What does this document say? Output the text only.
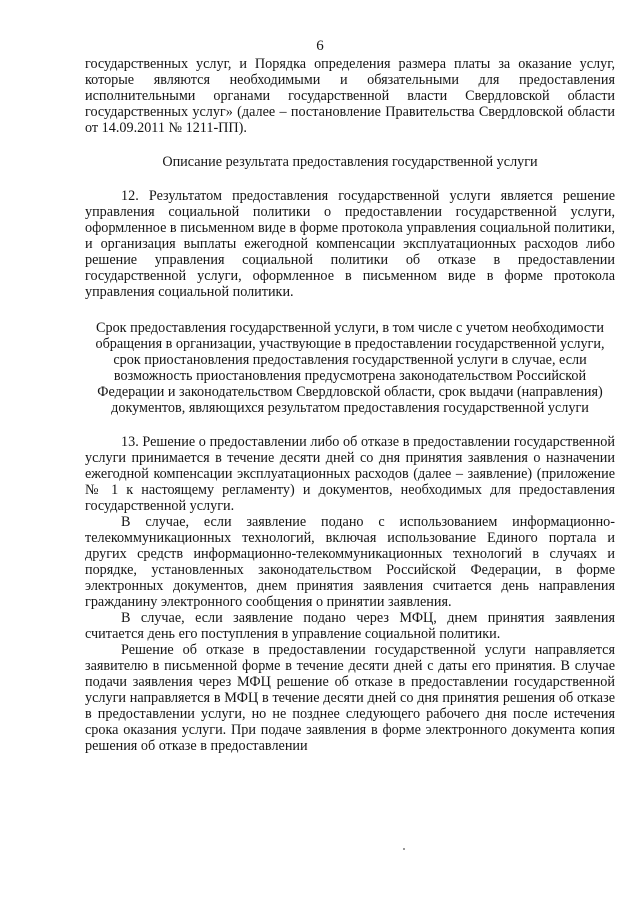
6

государственных услуг, и Порядка определения размера платы за оказание услуг, которые являются необходимыми и обязательными для предоставления исполнительными органами государственной власти Свердловской области государственных услуг» (далее – постановление Правительства Свердловской области от 14.09.2011 № 1211-ПП).

Описание результата предоставления государственной услуги

12. Результатом предоставления государственной услуги является решение управления социальной политики о предоставлении государственной услуги, оформленное в письменном виде в форме протокола управления социальной политики, и организация выплаты ежегодной компенсации эксплуатационных расходов либо решение управления социальной политики об отказе в предоставлении государственной услуги, оформленное в письменном виде в форме протокола управления социальной политики.

Срок предоставления государственной услуги, в том числе с учетом необходимости обращения в организации, участвующие в предоставлении государственной услуги, срок приостановления предоставления государственной услуги в случае, если возможность приостановления предусмотрена законодательством Российской Федерации и законодательством Свердловской области, срок выдачи (направления) документов, являющихся результатом предоставления государственной услуги

13. Решение о предоставлении либо об отказе в предоставлении государственной услуги принимается в течение десяти дней со дня принятия заявления о назначении ежегодной компенсации эксплуатационных расходов (далее – заявление) (приложение № 1 к настоящему регламенту) и документов, необходимых для предоставления государственной услуги.

В случае, если заявление подано с использованием информационно-телекоммуникационных технологий, включая использование Единого портала и других средств информационно-телекоммуникационных технологий в случаях и порядке, установленных законодательством Российской Федерации, в форме электронных документов, днем принятия заявления считается день направления гражданину электронного сообщения о принятии заявления.

В случае, если заявление подано через МФЦ, днем принятия заявления считается день его поступления в управление социальной политики.

Решение об отказе в предоставлении государственной услуги направляется заявителю в письменной форме в течение десяти дней с даты его принятия. В случае подачи заявления через МФЦ решение об отказе в предоставлении государственной услуги направляется в МФЦ в течение десяти дней со дня принятия решения об отказе в предоставлении услуги, но не позднее следующего рабочего дня после истечения срока оказания услуги. При подаче заявления в форме электронного документа копия решения об отказе в предоставлении
